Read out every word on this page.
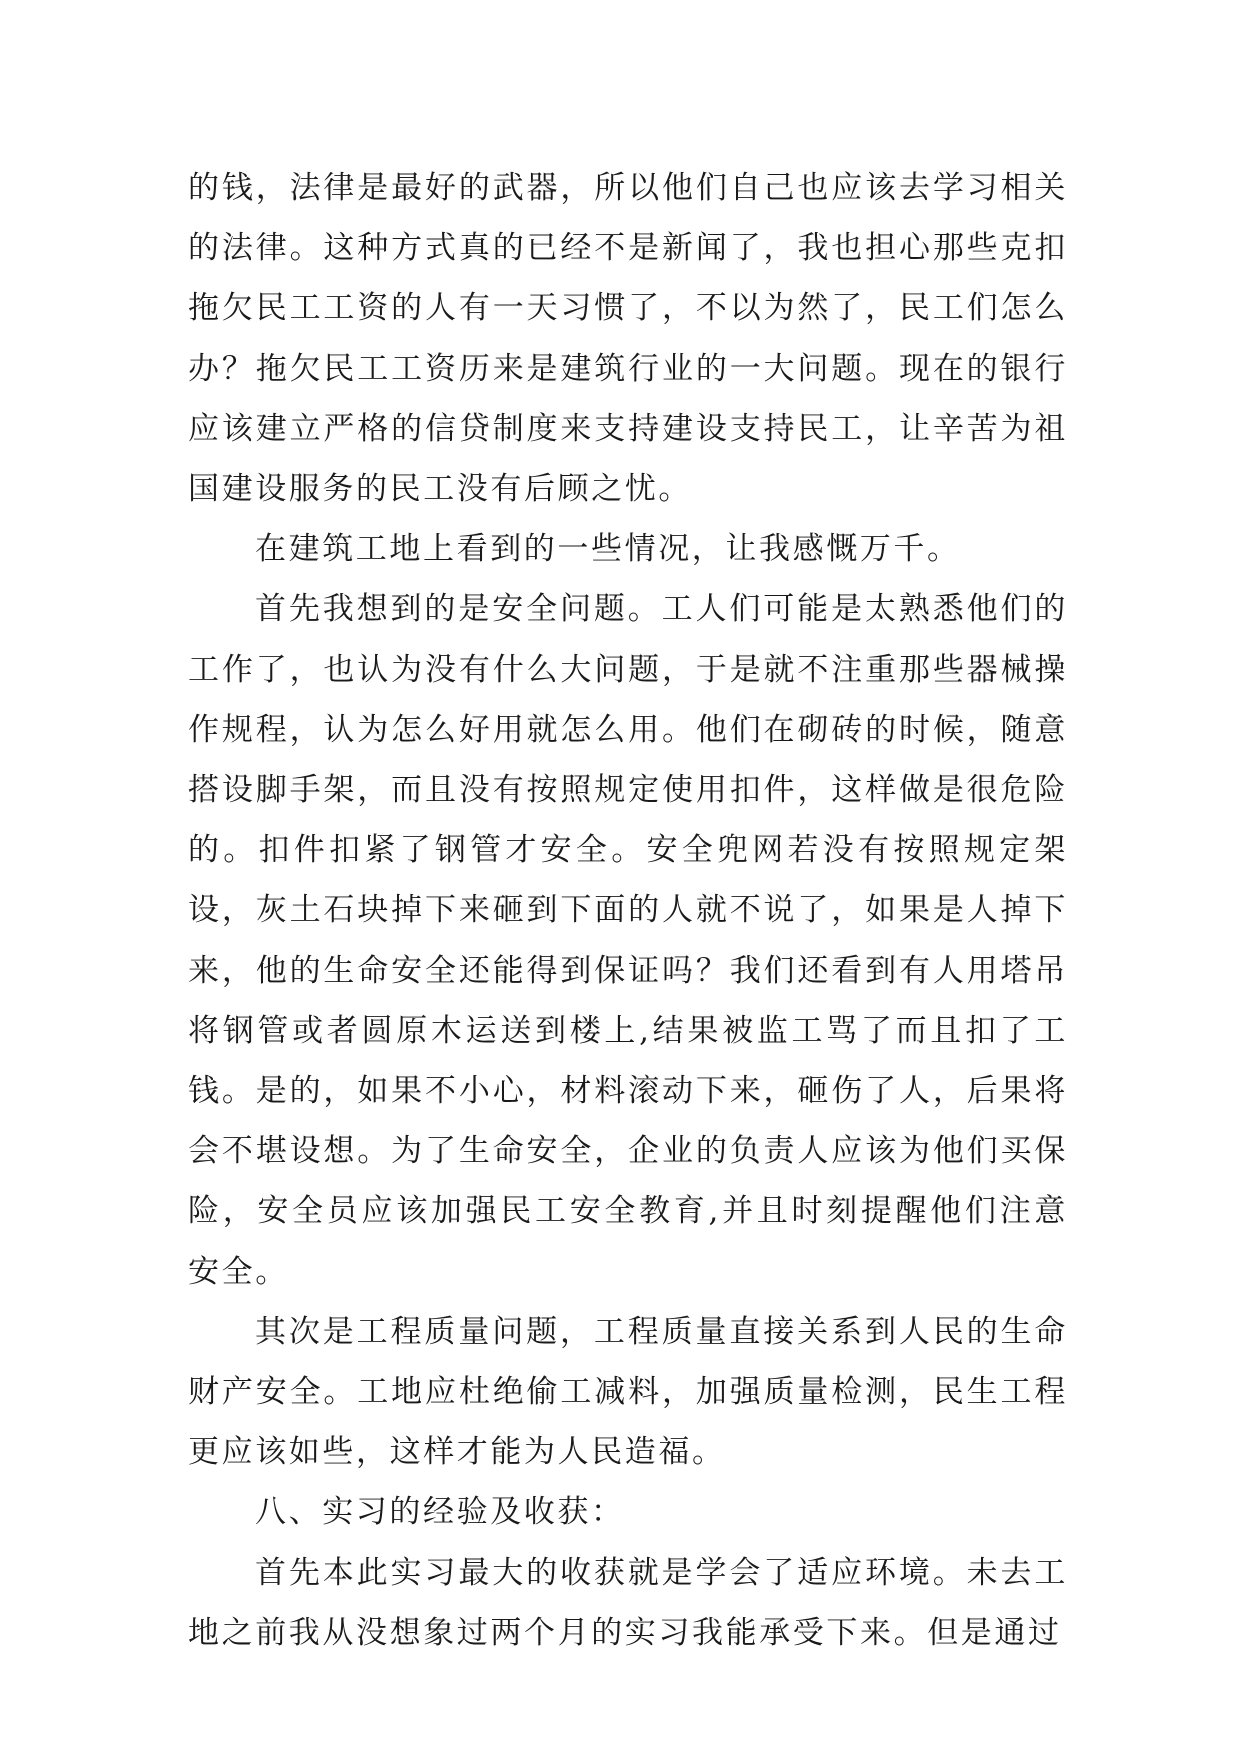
的钱，法律是最好的武器，所以他们自己也应该去学习相关的法律。这种方式真的已经不是新闻了，我也担心那些克扣拖欠民工工资的人有一天习惯了，不以为然了，民工们怎么办？拖欠民工工资历来是建筑行业的一大问题。现在的银行应该建立严格的信贷制度来支持建设支持民工，让辛苦为祖国建设服务的民工没有后顾之忧。

在建筑工地上看到的一些情况，让我感慨万千。

首先我想到的是安全问题。工人们可能是太熟悉他们的工作了，也认为没有什么大问题，于是就不注重那些器械操作规程，认为怎么好用就怎么用。他们在砌砖的时候，随意搭设脚手架，而且没有按照规定使用扣件，这样做是很危险的。扣件扣紧了钢管才安全。安全兜网若没有按照规定架设，灰土石块掉下来砸到下面的人就不说了，如果是人掉下来，他的生命安全还能得到保证吗？我们还看到有人用塔吊将钢管或者圆原木运送到楼上,结果被监工骂了而且扣了工钱。是的，如果不小心，材料滚动下来，砸伤了人，后果将会不堪设想。为了生命安全，企业的负责人应该为他们买保险，安全员应该加强民工安全教育,并且时刻提醒他们注意安全。

其次是工程质量问题，工程质量直接关系到人民的生命财产安全。工地应杜绝偷工减料，加强质量检测，民生工程更应该如些，这样才能为人民造福。

八、实习的经验及收获：

首先本此实习最大的收获就是学会了适应环境。未去工地之前我从没想象过两个月的实习我能承受下来。但是通过
